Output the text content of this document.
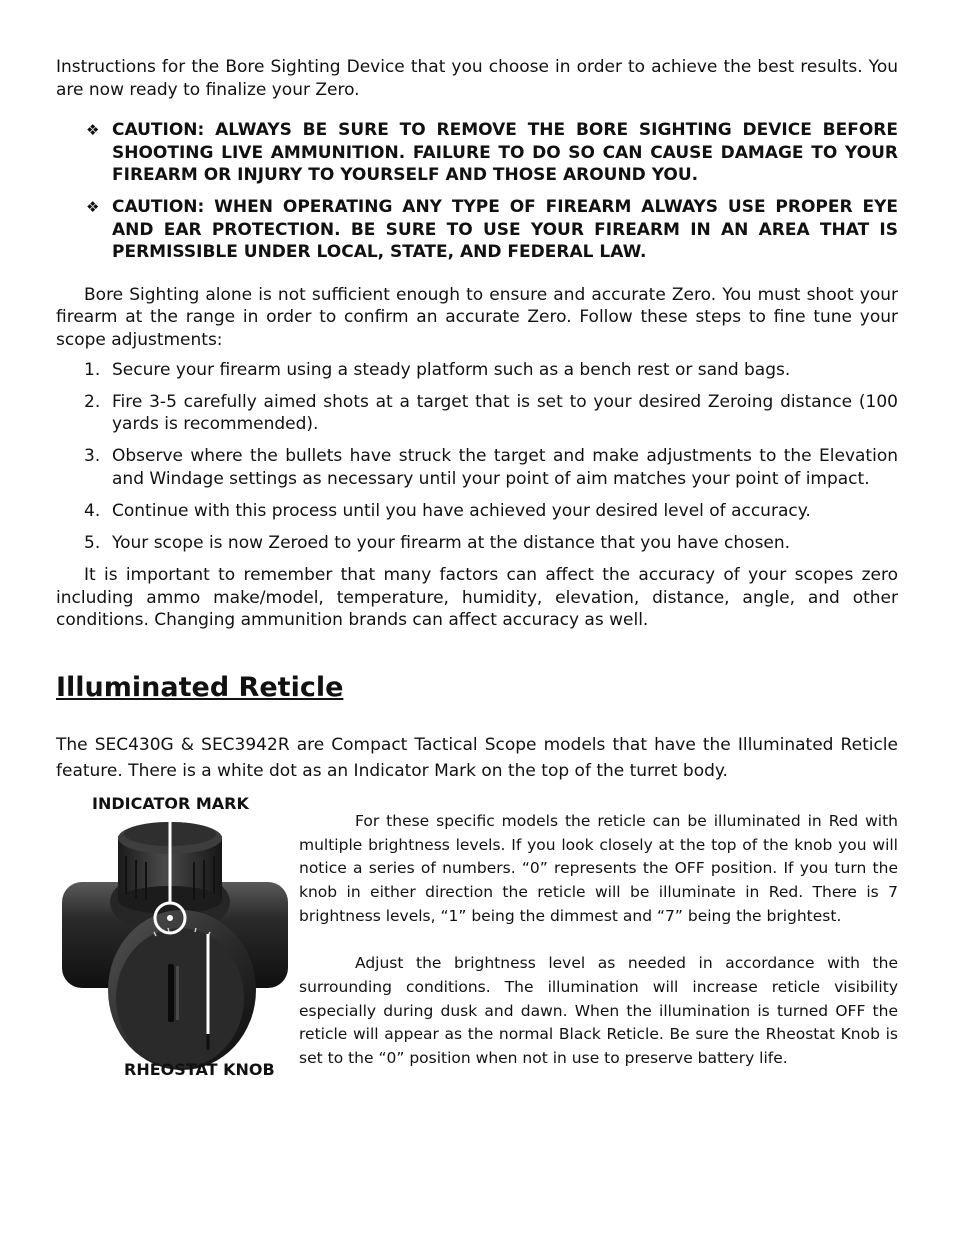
Instructions for the Bore Sighting Device that you choose in order to achieve the best results. You are now ready to finalize your Zero.

❖ CAUTION: ALWAYS BE SURE TO REMOVE THE BORE SIGHTING DEVICE BEFORE SHOOTING LIVE AMMUNITION. FAILURE TO DO SO CAN CAUSE DAMAGE TO YOUR FIREARM OR INJURY TO YOURSELF AND THOSE AROUND YOU.
❖ CAUTION: WHEN OPERATING ANY TYPE OF FIREARM ALWAYS USE PROPER EYE AND EAR PROTECTION. BE SURE TO USE YOUR FIREARM IN AN AREA THAT IS PERMISSIBLE UNDER LOCAL, STATE, AND FEDERAL LAW.

Bore Sighting alone is not sufficient enough to ensure and accurate Zero. You must shoot your firearm at the range in order to confirm an accurate Zero. Follow these steps to fine tune your scope adjustments:

1. Secure your firearm using a steady platform such as a bench rest or sand bags.
2. Fire 3-5 carefully aimed shots at a target that is set to your desired Zeroing distance (100 yards is recommended).
3. Observe where the bullets have struck the target and make adjustments to the Elevation and Windage settings as necessary until your point of aim matches your point of impact.
4. Continue with this process until you have achieved your desired level of accuracy.
5. Your scope is now Zeroed to your firearm at the distance that you have chosen.

It is important to remember that many factors can affect the accuracy of your scopes zero including ammo make/model, temperature, humidity, elevation, distance, angle, and other conditions. Changing ammunition brands can affect accuracy as well.

Illuminated Reticle

The SEC430G & SEC3942R are Compact Tactical Scope models that have the Illuminated Reticle feature. There is a white dot as an Indicator Mark on the top of the turret body.

INDICATOR MARK
RHEOSTAT KNOB

For these specific models the reticle can be illuminated in Red with multiple brightness levels. If you look closely at the top of the knob you will notice a series of numbers. “0” represents the OFF position. If you turn the knob in either direction the reticle will be illuminate in Red. There is 7 brightness levels, “1” being the dimmest and “7” being the brightest.

Adjust the brightness level as needed in accordance with the surrounding conditions. The illumination will increase reticle visibility especially during dusk and dawn. When the illumination is turned OFF the reticle will appear as the normal Black Reticle. Be sure the Rheostat Knob is set to the “0” position when not in use to preserve battery life.
